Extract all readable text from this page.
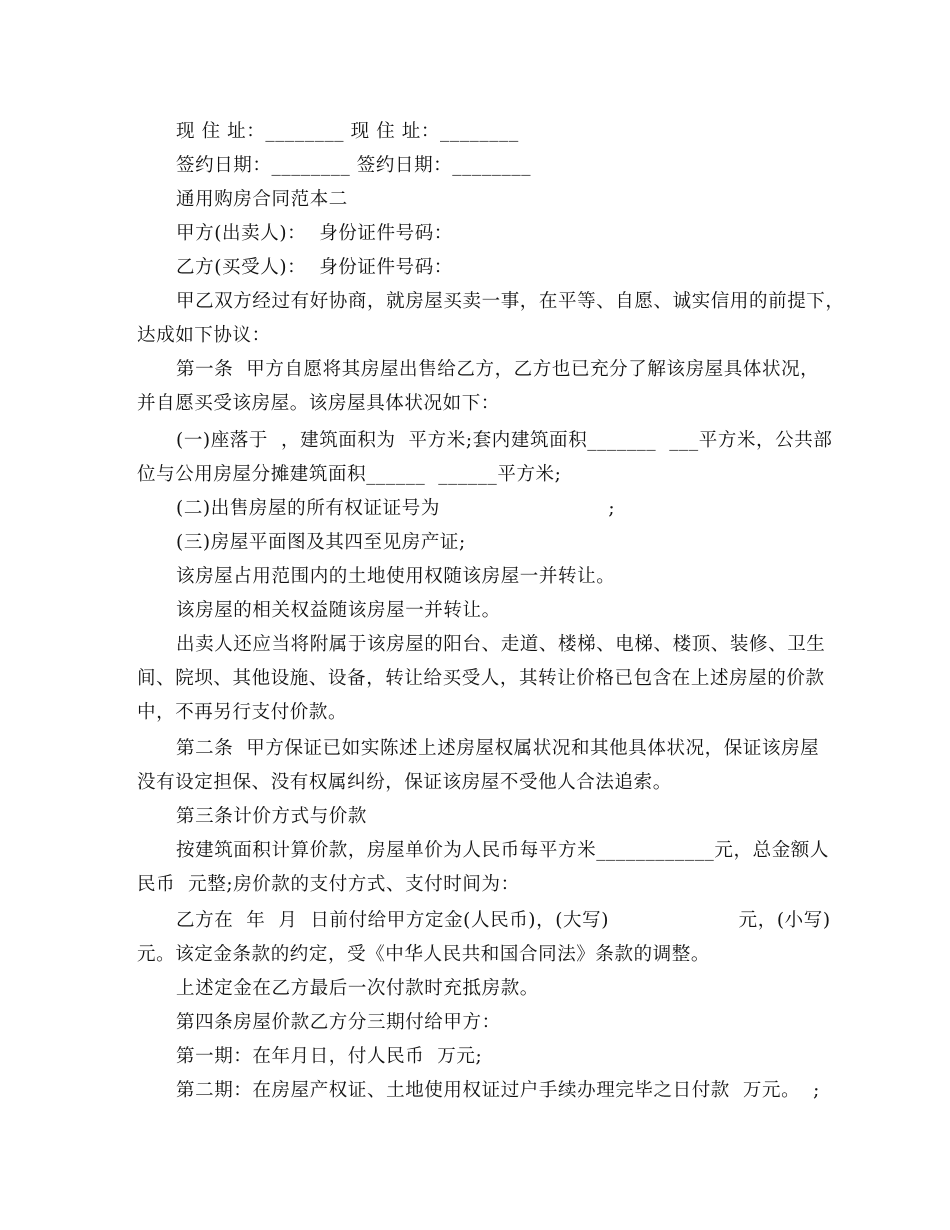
现 住 址：________ 现 住 址：________
签约日期：________ 签约日期：________
通用购房合同范本二
甲方(出卖人)：  身份证件号码：
乙方(买受人)：  身份证件号码：
甲乙双方经过有好协商，就房屋买卖一事，在平等、自愿、诚实信用的前提下，
达成如下协议：
第一条  甲方自愿将其房屋出售给乙方，乙方也已充分了解该房屋具体状况，
并自愿买受该房屋。该房屋具体状况如下：
(一)座落于  ，建筑面积为  平方米;套内建筑面积_______  ___平方米，公共部
位与公用房屋分摊建筑面积______  ______平方米;
(二)出售房屋的所有权证证号为                          ;
(三)房屋平面图及其四至见房产证;
该房屋占用范围内的土地使用权随该房屋一并转让。
该房屋的相关权益随该房屋一并转让。
出卖人还应当将附属于该房屋的阳台、走道、楼梯、电梯、楼顶、装修、卫生
间、院坝、其他设施、设备，转让给买受人，其转让价格已包含在上述房屋的价款
中，不再另行支付价款。
第二条  甲方保证已如实陈述上述房屋权属状况和其他具体状况，保证该房屋
没有设定担保、没有权属纠纷，保证该房屋不受他人合法追索。
第三条计价方式与价款
按建筑面积计算价款，房屋单价为人民币每平方米____________元，总金额人
民币  元整;房价款的支付方式、支付时间为：
乙方在  年  月  日前付给甲方定金(人民币)，(大写)                    元，(小写)
元。该定金条款的约定，受《中华人民共和国合同法》条款的调整。
上述定金在乙方最后一次付款时充抵房款。
第四条房屋价款乙方分三期付给甲方：
第一期：在年月日，付人民币  万元;
第二期：在房屋产权证、土地使用权证过户手续办理完毕之日付款  万元。  ;
